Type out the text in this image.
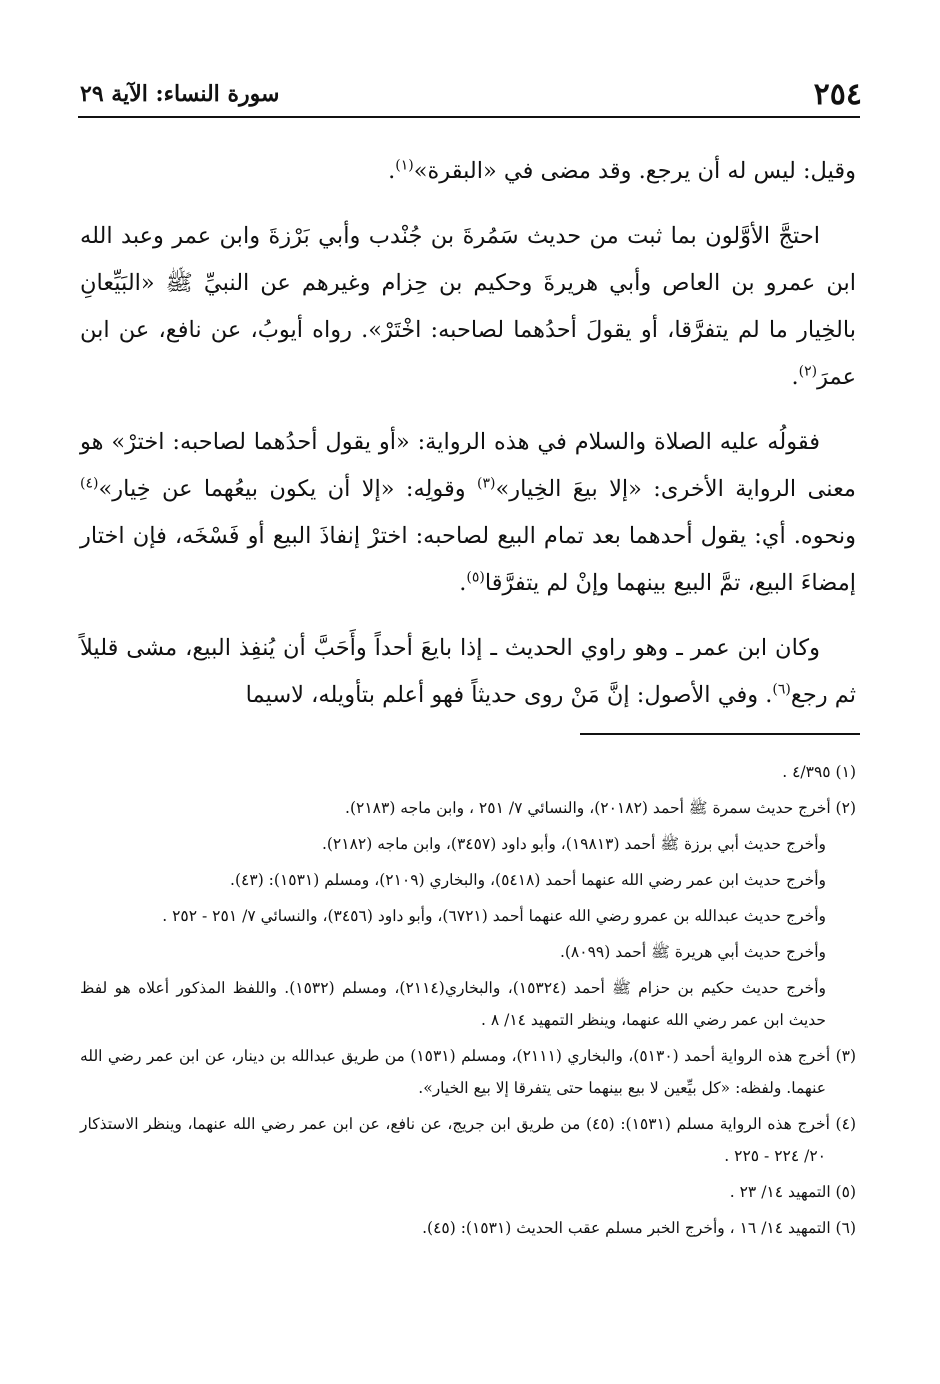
٢٥٤
سورة النساء: الآية ٢٩

وقيل: ليس له أن يرجع. وقد مضى في «البقرة»$^{(١)}$.

احتجَّ الأوَّلون بما ثبت من حديث سَمُرةَ بن جُنْدب وأبي بَرْزةَ وابن عمر وعبد الله ابن عمرو بن العاص وأبي هريرةَ وحكيم بن حِزام وغيرهم عن النبيِّ ﷺ «البَيِّعانِ بالخِيار ما لم يتفرَّقا، أو يقولَ أحدُهما لصاحبه: اخْتَرْ». رواه أيوبُ، عن نافع، عن ابن عمرَ$^{(٢)}$.

فقولُه عليه الصلاة والسلام في هذه الرواية: «أو يقول أحدُهما لصاحبه: اخترْ» هو معنى الرواية الأخرى: «إلا بيعَ الخِيار»$^{(٣)}$ وقولِه: «إلا أن يكون بيعُهما عن خِيار»$^{(٤)}$ ونحوه. أي: يقول أحدهما بعد تمام البيع لصاحبه: اخترْ إنفاذَ البيع أو فَسْخَه، فإن اختار إمضاءَ البيع، تمَّ البيع بينهما وإنْ لم يتفرَّقا$^{(٥)}$.

وكان ابن عمر ـ وهو راوي الحديث ـ إذا بايعَ أحداً وأَحَبَّ أن يُنفِذ البيع، مشى قليلاً ثم رجع$^{(٦)}$. وفي الأصول: إنَّ مَنْ روى حديثاً فهو أعلم بتأويله، لاسيما

(١) ٤/٣٩٥ .
(٢) أخرج حديث سمرة ﷺ أحمد (٢٠١٨٢)، والنسائي ٧/ ٢٥١ ، وابن ماجه (٢١٨٣).
وأخرج حديث أبي برزة ﷺ أحمد (١٩٨١٣)، وأبو داود (٣٤٥٧)، وابن ماجه (٢١٨٢).
وأخرج حديث ابن عمر رضي الله عنهما أحمد (٥٤١٨)، والبخاري (٢١٠٩)، ومسلم (١٥٣١): (٤٣).
وأخرج حديث عبدالله بن عمرو رضي الله عنهما أحمد (٦٧٢١)، وأبو داود (٣٤٥٦)، والنسائي ٧/ ٢٥١ - ٢٥٢ .
وأخرج حديث أبي هريرة ﷺ أحمد (٨٠٩٩).
وأخرج حديث حكيم بن حزام ﷺ أحمد (١٥٣٢٤)، والبخاري(٢١١٤)، ومسلم (١٥٣٢). واللفظ المذكور أعلاه هو لفظ حديث ابن عمر رضي الله عنهما، وينظر التمهيد ١٤/ ٨ .
(٣) أخرج هذه الرواية أحمد (٥١٣٠)، والبخاري (٢١١١)، ومسلم (١٥٣١) من طريق عبدالله بن دينار، عن ابن عمر رضي الله عنهما. ولفظه: «كل بيِّعين لا بيع بينهما حتى يتفرقا إلا بيع الخيار».
(٤) أخرج هذه الرواية مسلم (١٥٣١): (٤٥) من طريق ابن جريج، عن نافع، عن ابن عمر رضي الله عنهما، وينظر الاستذكار ٢٠/ ٢٢٤ - ٢٢٥ .
(٥) التمهيد ١٤/ ٢٣ .
(٦) التمهيد ١٤/ ١٦ ، وأخرج الخبر مسلم عقب الحديث (١٥٣١): (٤٥).
